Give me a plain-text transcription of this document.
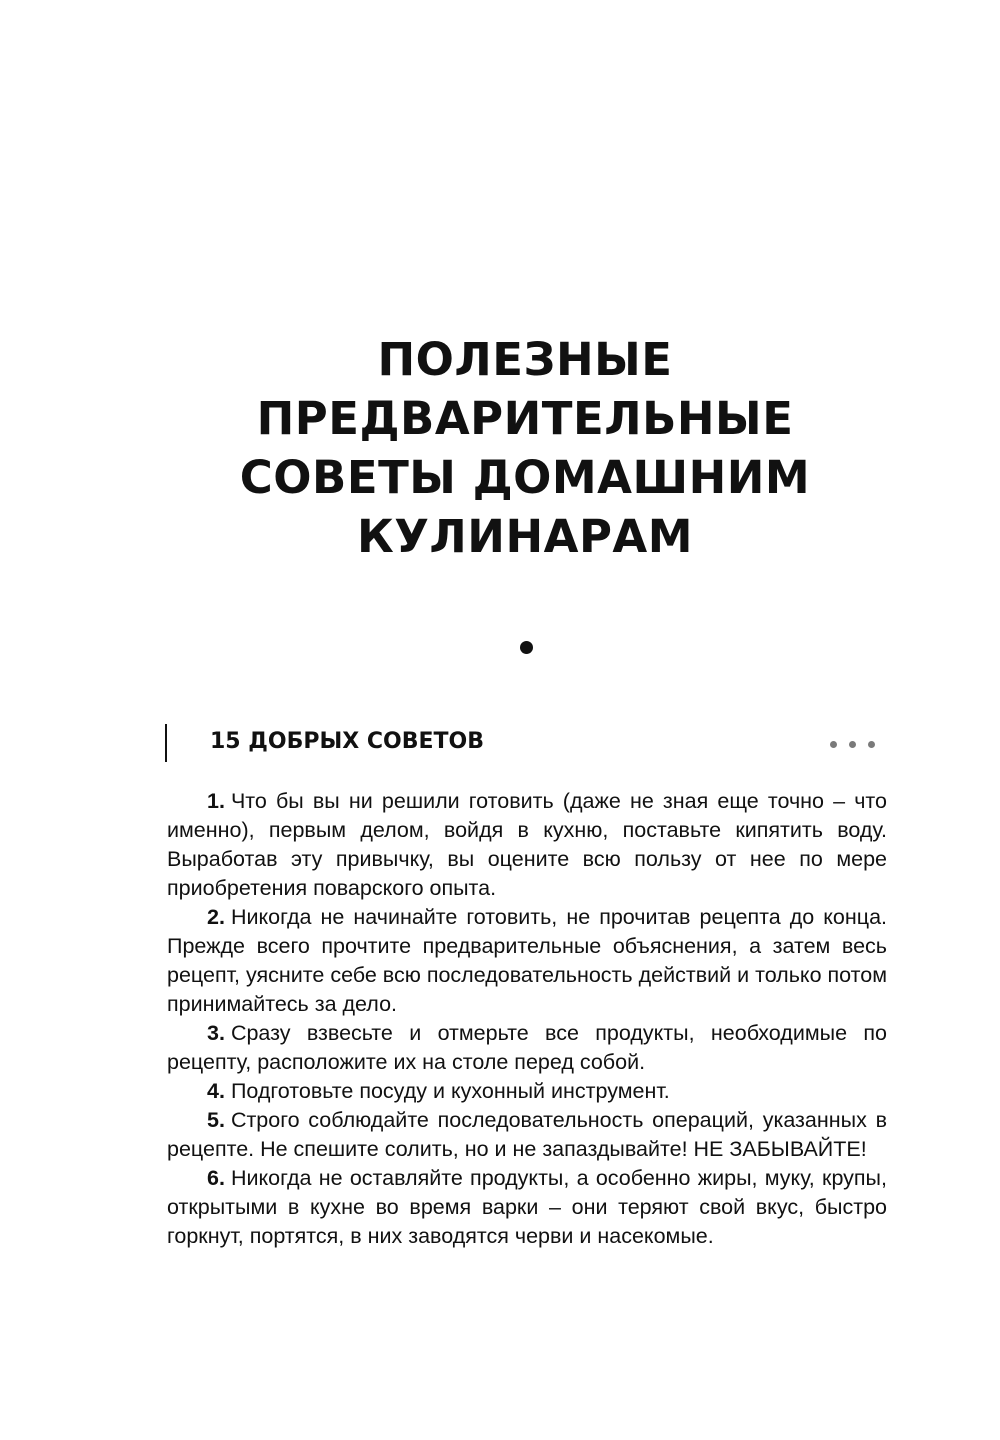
ПОЛЕЗНЫЕ
ПРЕДВАРИТЕЛЬНЫЕ
СОВЕТЫ ДОМАШНИМ
КУЛИНАРАМ
15 ДОБРЫХ СОВЕТОВ
1. Что бы вы ни решили готовить (даже не зная еще точно – что именно), первым делом, войдя в кухню, поставьте кипятить воду. Выработав эту привычку, вы оцените всю пользу от нее по мере приобретения поварского опыта.
2. Никогда не начинайте готовить, не прочитав рецепта до конца. Прежде всего прочтите предварительные объяснения, а затем весь рецепт, уясните себе всю последовательность действий и только потом принимайтесь за дело.
3. Сразу взвесьте и отмерьте все продукты, необходимые по рецепту, расположите их на столе перед собой.
4. Подготовьте посуду и кухонный инструмент.
5. Строго соблюдайте последовательность операций, указанных в рецепте. Не спешите солить, но и не запаздывайте! НЕ ЗАБЫВАЙТЕ!
6. Никогда не оставляйте продукты, а особенно жиры, муку, крупы, открытыми в кухне во время варки – они теряют свой вкус, быстро горкнут, портятся, в них заводятся черви и насекомые.
